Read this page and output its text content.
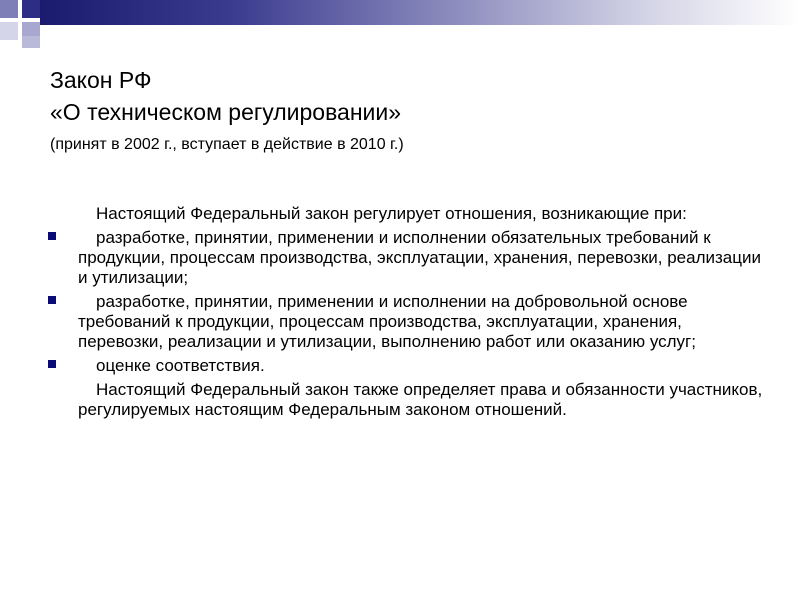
Закон РФ
«О техническом регулировании»
(принят в 2002 г., вступает в действие в 2010 г.)

Настоящий Федеральный закон регулирует отношения, возникающие при:

разработке, принятии, применении и исполнении обязательных требований к продукции, процессам производства, эксплуатации, хранения, перевозки, реализации и утилизации;
разработке, принятии, применении и исполнении на добровольной основе требований к продукции, процессам производства, эксплуатации, хранения, перевозки, реализации и утилизации, выполнению работ или оказанию услуг;
оценке соответствия.

Настоящий Федеральный закон также определяет права и обязанности участников, регулируемых настоящим Федеральным законом отношений.
